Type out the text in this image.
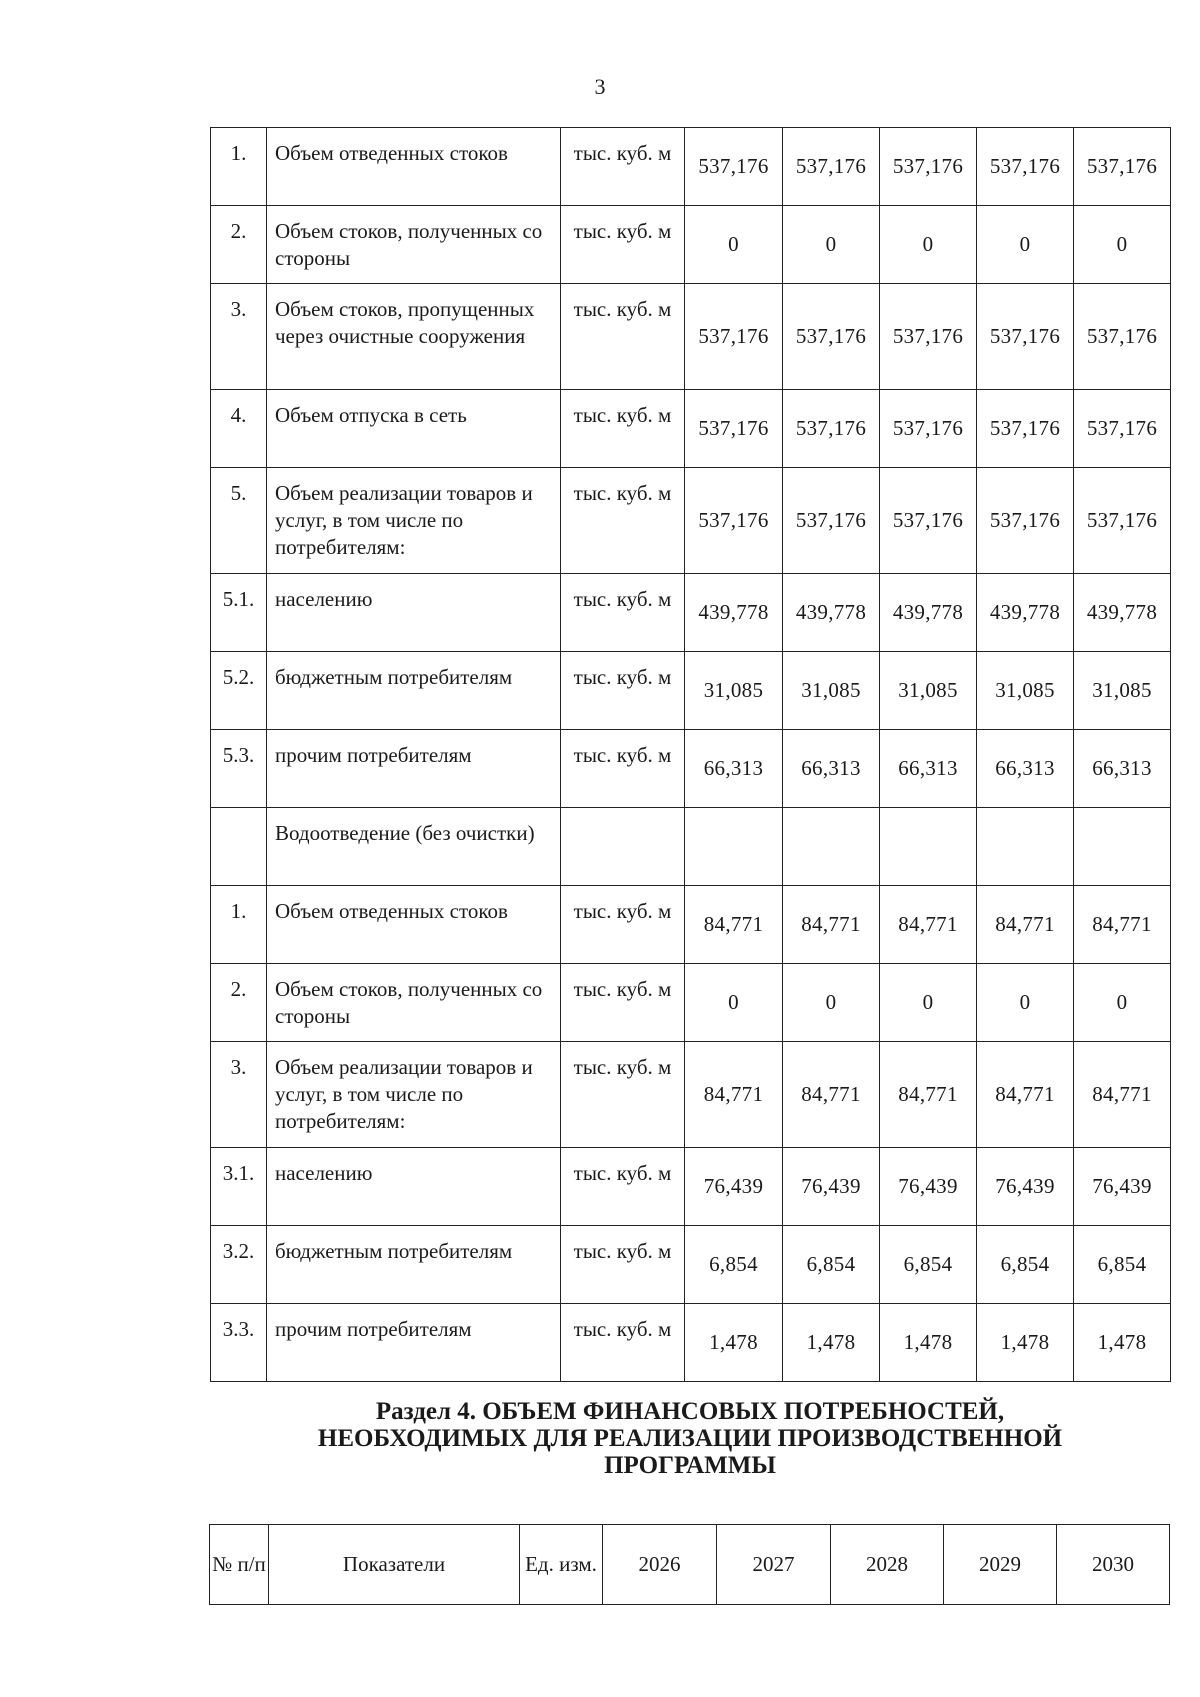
3
1.	Объем отведенных стоков	тыс. куб. м	537,176	537,176	537,176	537,176	537,176
2.	Объем стоков, полученных со стороны	тыс. куб. м	0	0	0	0	0
3.	Объем стоков, пропущенных через очистные сооружения	тыс. куб. м	537,176	537,176	537,176	537,176	537,176
4.	Объем отпуска в сеть	тыс. куб. м	537,176	537,176	537,176	537,176	537,176
5.	Объем реализации товаров и услуг, в том числе по потребителям:	тыс. куб. м	537,176	537,176	537,176	537,176	537,176
5.1.	населению	тыс. куб. м	439,778	439,778	439,778	439,778	439,778
5.2.	бюджетным потребителям	тыс. куб. м	31,085	31,085	31,085	31,085	31,085
5.3.	прочим потребителям	тыс. куб. м	66,313	66,313	66,313	66,313	66,313
	Водоотведение (без очистки)						
1.	Объем отведенных стоков	тыс. куб. м	84,771	84,771	84,771	84,771	84,771
2.	Объем стоков, полученных со стороны	тыс. куб. м	0	0	0	0	0
3.	Объем реализации товаров и услуг, в том числе по потребителям:	тыс. куб. м	84,771	84,771	84,771	84,771	84,771
3.1.	населению	тыс. куб. м	76,439	76,439	76,439	76,439	76,439
3.2.	бюджетным потребителям	тыс. куб. м	6,854	6,854	6,854	6,854	6,854
3.3.	прочим потребителям	тыс. куб. м	1,478	1,478	1,478	1,478	1,478
Раздел 4. ОБЪЕМ ФИНАНСОВЫХ ПОТРЕБНОСТЕЙ,
НЕОБХОДИМЫХ ДЛЯ РЕАЛИЗАЦИИ ПРОИЗВОДСТВЕННОЙ
ПРОГРАММЫ
№ п/п	Показатели	Ед. изм.	2026	2027	2028	2029	2030
